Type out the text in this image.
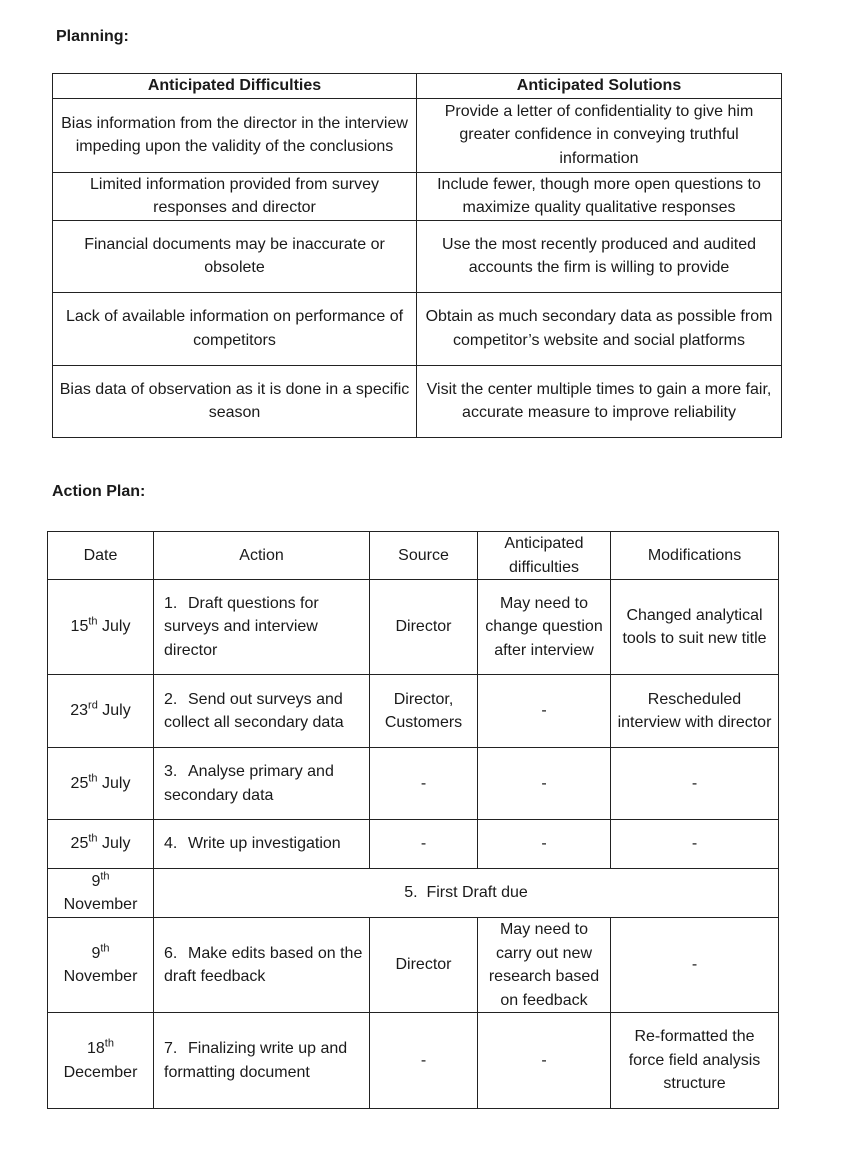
Planning:

Anticipated Difficulties	Anticipated Solutions
Bias information from the director in the interview impeding upon the validity of the conclusions	Provide a letter of confidentiality to give him greater confidence in conveying truthful information
Limited information provided from survey responses and director	Include fewer, though more open questions to maximize quality qualitative responses
Financial documents may be inaccurate or obsolete	Use the most recently produced and audited accounts the firm is willing to provide
Lack of available information on performance of competitors	Obtain as much secondary data as possible from competitor’s website and social platforms
Bias data of observation as it is done in a specific season	Visit the center multiple times to gain a more fair, accurate measure to improve reliability

Action Plan:

Date	Action	Source	Anticipated difficulties	Modifications
15th July	1. Draft questions for surveys and interview director	Director	May need to change question after interview	Changed analytical tools to suit new title
23rd July	2. Send out surveys and collect all secondary data	Director, Customers	-	Rescheduled interview with director
25th July	3. Analyse primary and secondary data	-	-	-
25th July	4. Write up investigation	-	-	-
9th November	5. First Draft due			
9th November	6. Make edits based on the draft feedback	Director	May need to carry out new research based on feedback	-
18th December	7. Finalizing write up and formatting document	-	-	Re-formatted the force field analysis structure
